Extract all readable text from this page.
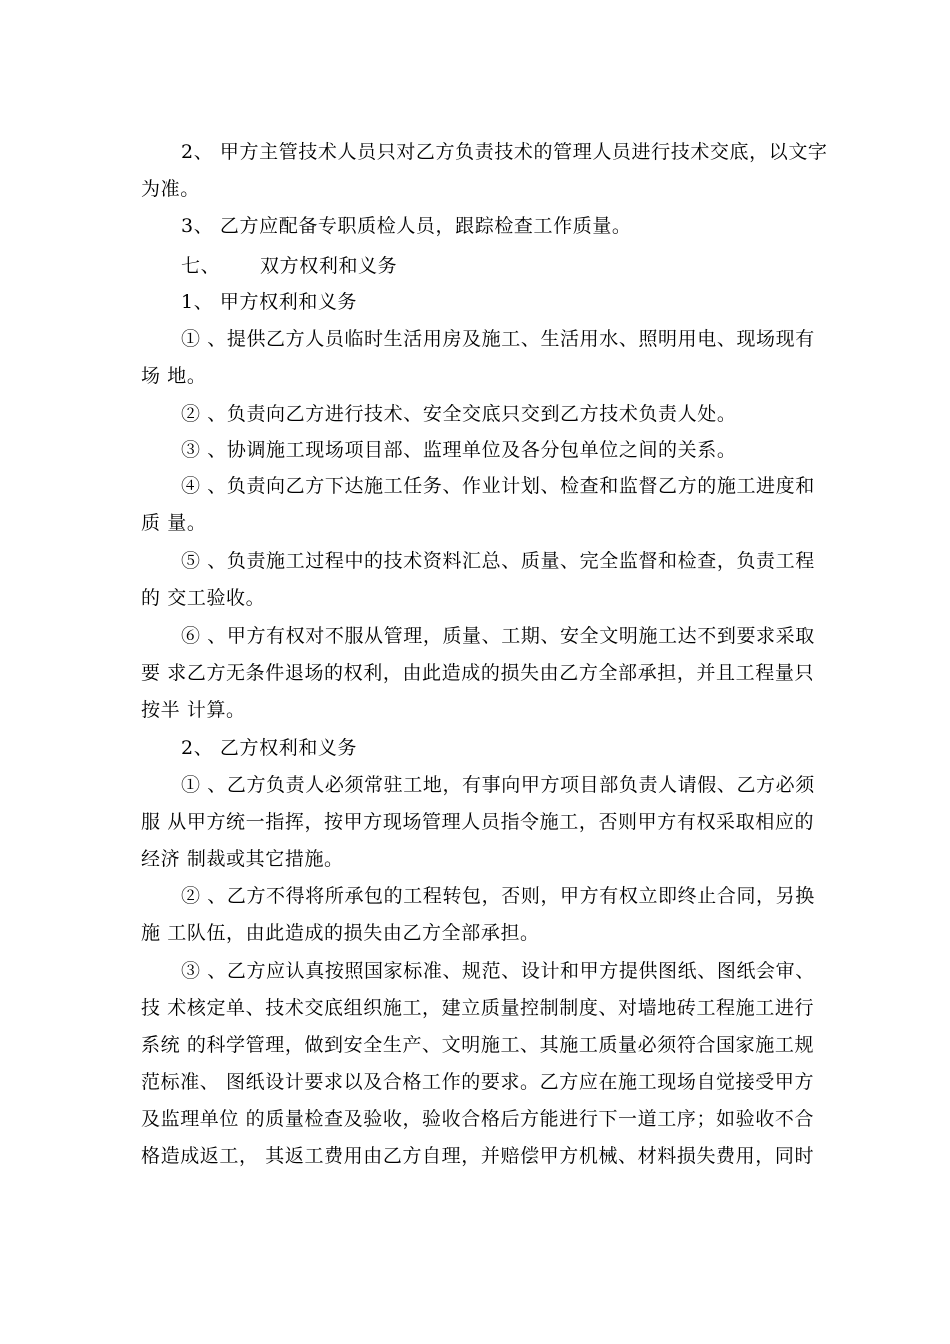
2、 甲方主管技术人员只对乙方负责技术的管理人员进行技术交底，以文字
为准。
3、 乙方应配备专职质检人员，跟踪检查工作质量。
七、      双方权利和义务
1、 甲方权利和义务
① 、提供乙方人员临时生活用房及施工、生活用水、照明用电、现场现有
场 地。
② 、负责向乙方进行技术、安全交底只交到乙方技术负责人处。
③ 、协调施工现场项目部、监理单位及各分包单位之间的关系。
④ 、负责向乙方下达施工任务、作业计划、检查和监督乙方的施工进度和
质 量。
⑤ 、负责施工过程中的技术资料汇总、质量、完全监督和检查，负责工程
的 交工验收。
⑥ 、甲方有权对不服从管理，质量、工期、安全文明施工达不到要求采取
要 求乙方无条件退场的权利，由此造成的损失由乙方全部承担，并且工程量只
按半 计算。
2、 乙方权利和义务
① 、乙方负责人必须常驻工地，有事向甲方项目部负责人请假、乙方必须
服 从甲方统一指挥，按甲方现场管理人员指令施工，否则甲方有权采取相应的
经济 制裁或其它措施。
② 、乙方不得将所承包的工程转包，否则，甲方有权立即终止合同，另换
施 工队伍，由此造成的损失由乙方全部承担。
③ 、乙方应认真按照国家标准、规范、设计和甲方提供图纸、图纸会审、
技 术核定单、技术交底组织施工，建立质量控制制度、对墙地砖工程施工进行
系统 的科学管理，做到安全生产、文明施工、其施工质量必须符合国家施工规
范标准、 图纸设计要求以及合格工作的要求。乙方应在施工现场自觉接受甲方
及监理单位 的质量检查及验收，验收合格后方能进行下一道工序；如验收不合
格造成返工， 其返工费用由乙方自理，并赔偿甲方机械、材料损失费用，同时
